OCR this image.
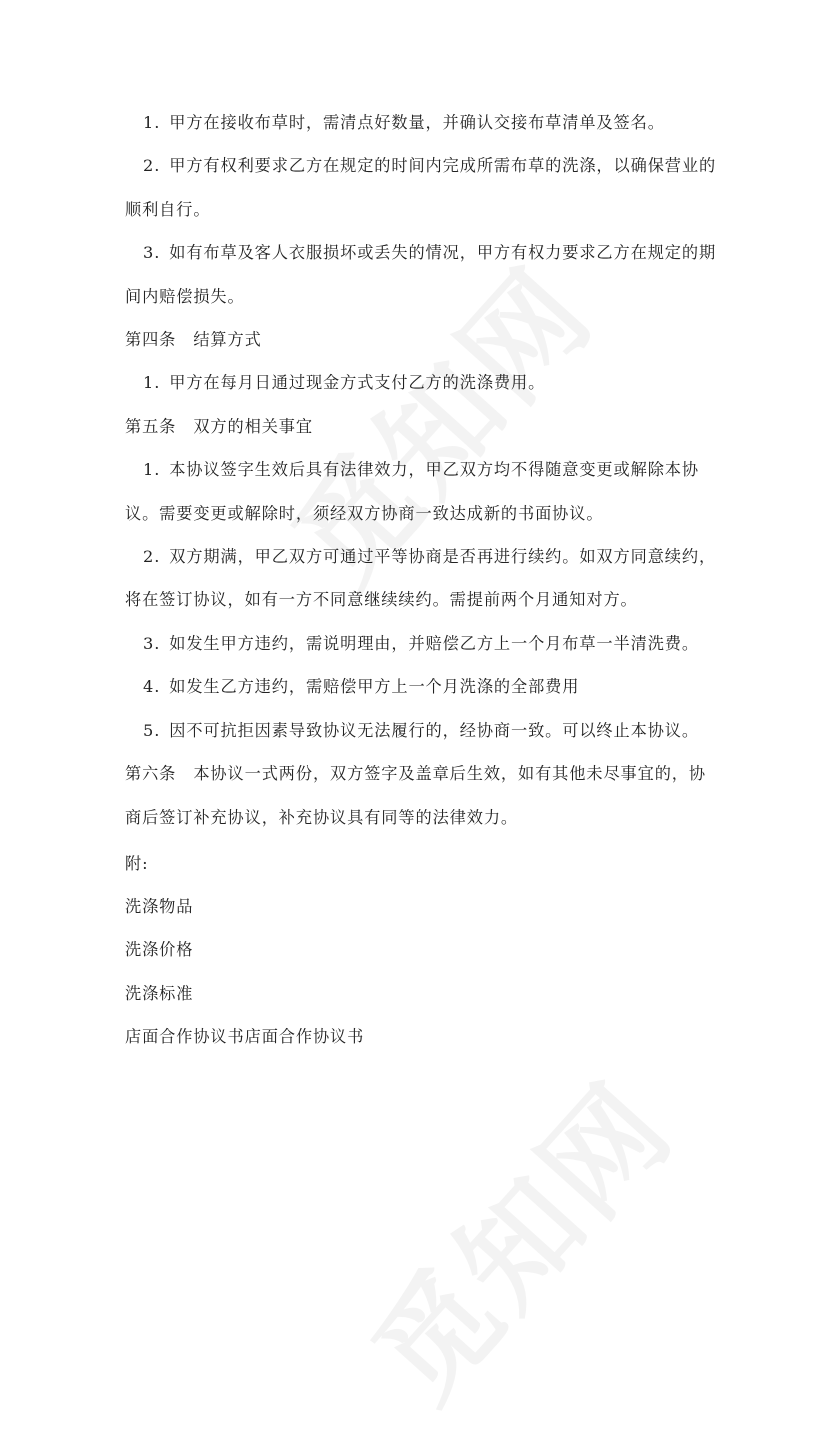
1. 甲方在接收布草时，需清点好数量，并确认交接布草清单及签名。
2. 甲方有权利要求乙方在规定的时间内完成所需布草的洗涤，以确保营业的
顺利自行。
3. 如有布草及客人衣服损坏或丢失的情况，甲方有权力要求乙方在规定的期
间内赔偿损失。
第四条　结算方式
1. 甲方在每月日通过现金方式支付乙方的洗涤费用。
第五条　双方的相关事宜
1. 本协议签字生效后具有法律效力，甲乙双方均不得随意变更或解除本协
议。需要变更或解除时，须经双方协商一致达成新的书面协议。
2. 双方期满，甲乙双方可通过平等协商是否再进行续约。如双方同意续约，
将在签订协议，如有一方不同意继续续约。需提前两个月通知对方。
3. 如发生甲方违约，需说明理由，并赔偿乙方上一个月布草一半清洗费。
4. 如发生乙方违约，需赔偿甲方上一个月洗涤的全部费用
5. 因不可抗拒因素导致协议无法履行的，经协商一致。可以终止本协议。
第六条　本协议一式两份，双方签字及盖章后生效，如有其他未尽事宜的，协
商后签订补充协议，补充协议具有同等的法律效力。
附:
洗涤物品
洗涤价格
洗涤标准
店面合作协议书店面合作协议书
